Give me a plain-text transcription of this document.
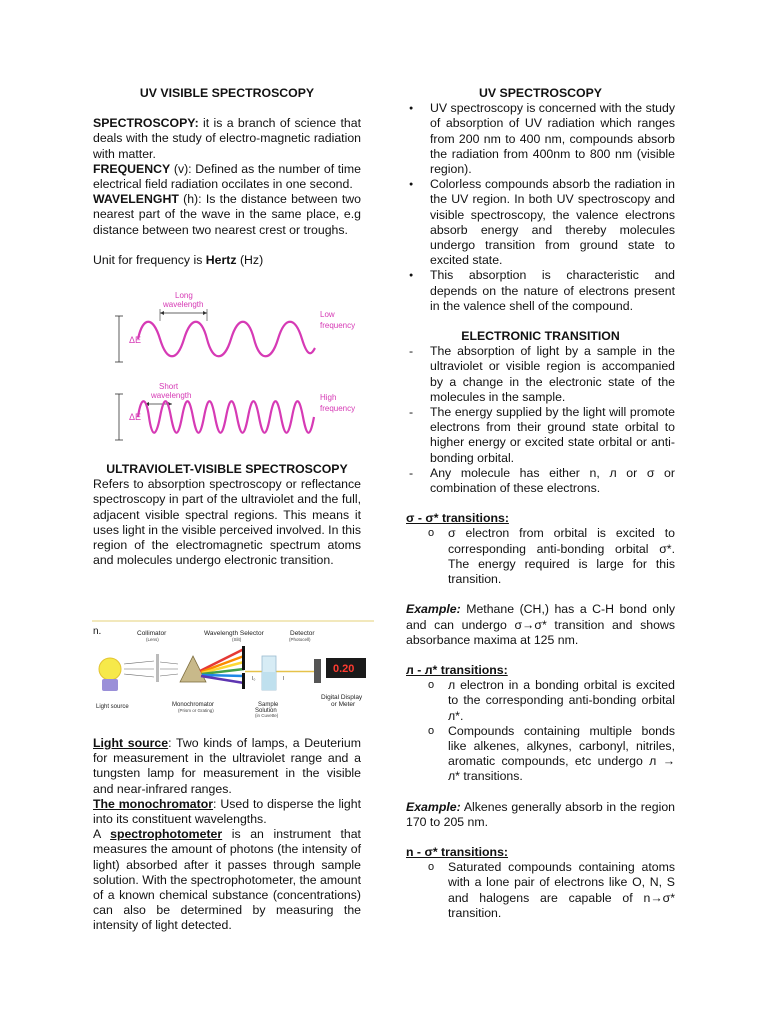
UV VISIBLE SPECTROSCOPY

SPECTROSCOPY: it is a branch of science that deals with the study of electro-magnetic radiation with matter.

FREQUENCY (v): Defined as the number of time electrical field radiation occilates in one second.

WAVELENGHT (h): Is the distance between two nearest part of the wave in the same place, e.g distance between two nearest crest or troughs.

Unit for frequency is Hertz (Hz)

Long
wavelength
ΔE
Low
frequency
Short
wavelength
ΔE
High
frequency

ULTRAVIOLET-VISIBLE SPECTROSCOPY

Refers to absorption spectroscopy or reflectance spectroscopy in part of the ultraviolet and the full, adjacent visible spectral regions. This means it uses light in the visible perceived involved. In this region of the electromagnetic spectrum atoms and molecules undergo electronic transition.

n.	Collimator
(Lens)
Wavelength Selector
(Slit)
Detector
(Photocell)
I₀	I
0.20
Light source	Monochromator
(Prism or Grating)
Sample
Solution
(in Cuvette)
Digital Display
or Meter

Light source: Two kinds of lamps, a Deuterium for measurement in the ultraviolet range and a tungsten lamp for measurement in the visible and near-infrared ranges.

The monochromator: Used to disperse the light into its constituent wavelengths.

A spectrophotometer is an instrument that measures the amount of photons (the intensity of light) absorbed after it passes through sample solution. With the spectrophotometer, the amount of a known chemical substance (concentrations) can also be determined by measuring the intensity of light detected.

UV SPECTROSCOPY

● UV spectroscopy is concerned with the study of absorption of UV radiation which ranges from 200 nm to 400 nm, compounds absorb the radiation from 400nm to 800 nm (visible region).
● Colorless compounds absorb the radiation in the UV region. In both UV spectroscopy and visible spectroscopy, the valence electrons absorb energy and thereby molecules undergo transition from ground state to excited state.
● This absorption is characteristic and depends on the nature of electrons present in the valence shell of the compound.

ELECTRONIC TRANSITION

- The absorption of light by a sample in the ultraviolet or visible region is accompanied by a change in the electronic state of the molecules in the sample.
- The energy supplied by the light will promote electrons from their ground state orbital to higher energy or excited state orbital or anti-bonding orbital.
- Any molecule has either n, л or σ or combination of these electrons.

σ - σ* transitions:

o σ electron from orbital is excited to corresponding anti-bonding orbital σ*. The energy required is large for this transition.

Example: Methane (CH,) has a C-H bond only and can undergo σ→σ* transition and shows absorbance maxima at 125 nm.

л - л* transitions:

o л electron in a bonding orbital is excited to the corresponding anti-bonding orbital л*.
o Compounds containing multiple bonds like alkenes, alkynes, carbonyl, nitriles, aromatic compounds, etc undergo л → л* transitions.

Example: Alkenes generally absorb in the region 170 to 205 nm.

n - σ* transitions:

o Saturated compounds containing atoms with a lone pair of electrons like O, N, S and halogens are capable of n→σ* transition.
